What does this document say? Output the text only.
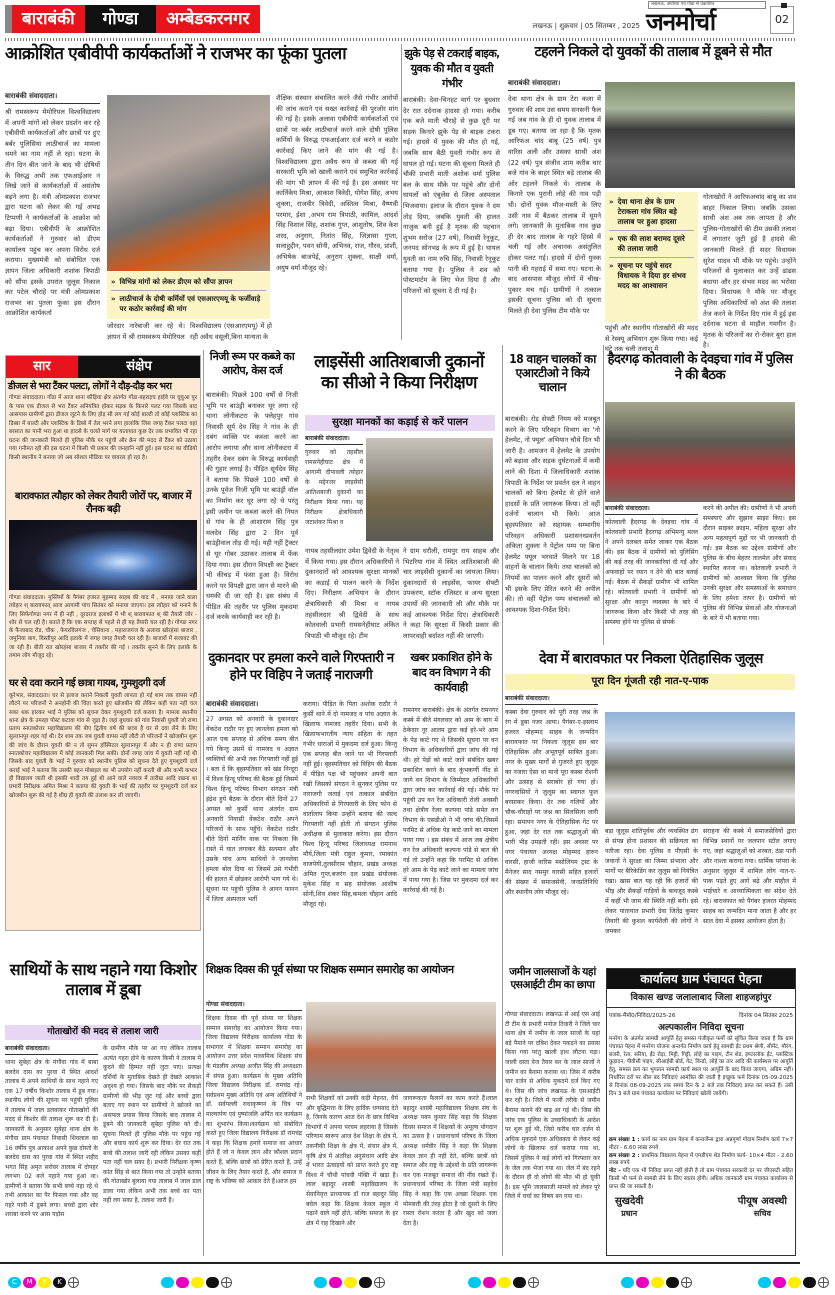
बाराबंकी	गोण्डा	अम्बेडकरनगर	लखनऊ | शुक्रवार | 05 सितम्बर , 2025
लखनऊ, अयोध्या एवं गोंडा से प्रकाशित
जनमोर्चा	02
आक्रोशित एबीवीपी कार्यकर्ताओं ने राजभर का फूंका पुतला
बाराबंकी संवाददाता।
श्री रामस्वरूप मेमोरियल विश्वविद्यालय में अपनी मांगों को लेकर प्रदर्शन कर रहे एबीवीपी कार्यकर्ताओं और छात्रों पर हुए बर्बर पुलिसिया लाठीचार्ज का मामला थमने का नाम नहीं ले रहा। घटना के तीन दिन बीत जाने के बाद भी दोषियों के विरुद्ध अभी तक एफआईआर न लिखे जाने से कार्यकर्ताओं में असंतोष बढ़ने लगा है। मंत्री ओमप्रकाश राजभर द्वारा घटना को लेकर की गई अभद्र टिप्पणी ने कार्यकर्ताओं के आक्रोश को बढ़ा दिया। एबीवीपी के आक्रोशित कार्यकर्ताओं ने गुरुवार को डीएम कार्यालय पहुंच कर अपना विरोध दर्ज कराया। मुख्यमंत्री को संबोधित एक ज्ञापन जिला अधिकारी शशांक त्रिपाठी को सौंपा इसके उपरांत जुलूस निकाल कर पटेल चौराहे पर मंत्री ओमप्रकाश राजभर का पुतला फूंका इस दौरान आक्रोशित कार्यकर्ता
» विभिन्न मांगों को लेकर डीएम को सौंपा ज्ञापन
» लाठीचार्ज के दोषी कर्मियों एवं एसआरएमयू के फर्जीवाड़े पर कठोर कार्रवाई की मांग
जोरदार नारेबाजी कर रहे थे।ज्ञापन में श्री रामस्वरूप मेमोरियल
विश्वविद्यालय (एसआरएमयू) में हो रही अवैध वसूली,बिना मान्यता के
शैक्षिक संस्थान संचालित करने जैसे गंभीर आरोपों की जांच कराने एवं सख्त कार्रवाई की पुरजोर मांग की गई है। इसके अलावा एबीवीपी कार्यकर्ताओं एवं छात्रों पर बर्बर लाठीचार्ज करने वाले दोषी पुलिस कर्मियों के विरुद्ध एफआईआर दर्ज करने व कठोर कार्रवाई किए जाने की मांग की गई है। विश्वविद्यालय द्वारा अवैध रूप से कब्जा की गई सरकारी भूमि को खाली कराने एवं समुचित कार्रवाई की मांग भी ज्ञापन में की गई है। इस अवसर पर कार्तिकेय मिश्रा, आकाश त्रिवेदी, योगेश सिंह, अभय शुक्ला, राजवीर त्रिवेदी, अस्तित्व मिश्रा, वैष्णवी परमार, ईशा ,अभय राम त्रिपाठी, कामिल, आदर्श सिंह विशाल सिंह, शशांक गुप्त, आशुतोष, शिव केश शरद, अनुराग, नितांत सिंह, जिज्ञासा गुप्ता, सलाहुद्दीन, पवन सोनी, अभिनव, राज, गौरव, प्रांशी, अभिषेक बाजपेई, अनुराग शुक्ला, साक्षी वर्मा, अयुष वर्मा मौजूद रहे।
झुके पेड़ से टकराई बाइक, युवक की मौत व युवती गंभीर
बाराबंकी। देवा-चिनहट मार्ग पर बुधवार देर रात दर्दनाक हादसा हो गया। करीब एक बजे माती चौराहे से कुछ दूरी पर सड़क किनारे झुके पेड़ से बाइक टकरा गई। हादसे में युवक की मौत हो गई, जबकि साथ बैठी युवती गंभीर रूप से घायल हो गई। घटना की सूचना मिलते ही चौकी प्रभारी माती अशोक वर्मा पुलिस बल के साथ मौके पर पहुंचे और दोनों घायलों को एंबुलेंस से जिला अस्पताल भिजवाया। इलाज के दौरान युवक ने दम तोड़ दिया, जबकि युवती की हालत नाजुक बनी हुई है मृतक की पहचान शुभम सरोज (27 वर्ष), निवासी रेनूकूट, जनपद सोनभद्र के रूप में हुई है। घायल युवती का नाम रुचि सिंह, निवासी रेनूकूट बताया गया है। पुलिस ने शव को पोस्टमार्टम के लिए भेज दिया है और परिजनों को सूचना दे दी गई है।
टहलने निकले दो युवकों की तालाब में डूबने से मौत
बाराबंकी संवाददाता।
देवा थाना क्षेत्र के ग्राम टेरा कला में गुरुवार की शाम उस समय सनसनी फैल गई जब गांव के ही दो युवक तालाब में डूब गए। बताया जा रहा है कि मृतक आरिफअ चांद बाबू (25 वर्ष) पुत्र वारिस अली और उसका साथी अंश (22 वर्ष) पुत्र संजीव शाम करीब चार बजे गांव के बाहर स्थित बड़े तालाब की ओर टहलने निकले थे। तालाब के किनारे एक पुरानी लोहे की नाव पड़ी थी। दोनों युवक मौज-मस्ती के लिए उसी नाव में बैठकर तालाब में घूमने लगे। जानकारी के मुताबिक नाव कुछ ही देर बाद तालाब के गहरे हिस्से में चली गई और अचानक असंतुलित होकर पलट गई। हादसे में दोनों युवक पानी की गहराई में समा गए। घटना के बाद आसपास मौजूद लोगों में चीख-पुकार मच गई। ग्रामीणों ने तत्काल इसकी सूचना पुलिस को दी सूचना मिलते ही देवा पुलिस टीम मौके पर
» देवा थाना क्षेत्र के ग्राम टेराकला गांव स्थित बड़े तालाब पर हुआ हादसा
» एक की लाश बरामद दूसरे की तलाश जारी
» सूचना पर पहुंचे सदर विधायक ने दिया हर संभव मदद का आश्वासन
पहुंची और स्थानीय गोताखोरों की मदद से रेस्क्यू अभियान शुरू किया गया। कई घंटे तक चली तलाश में
गोताखोरों ने आरिफअचांद बाबू का शव बाहर निकाल लिया। जबकि उसका साथी अंश अब तक लापता है और पुलिस-गोताखोरों की टीम उसकी तलाश में लगातार जुटी हुई है हादसे की जानकारी मिलते ही सदर विधायक सुरेश यादव भी मौके पर पहुंचे। उन्होंने परिजनों से मुलाकात कर उन्हें ढांढस बंधाया और हर संभव मदद का भरोसा दिया। विधायक ने मौके पर मौजूद पुलिस अधिकारियों को अंश की तलाश तेज करने के निर्देश दिए गांव में हुई इस दर्दनाक घटना से माहौल गमगीन है। मृतक के परिजनों का रो-रोकर बुरा हाल है।
सार	संक्षेप
डीजल से भरा टैंकर पलटा, लोगों ने दौड़-दौड़ कर भरा
गोण्डा संवाददाता। गोंडा में आज थाना कौड़िया क्षेत्र अंतर्गत गोंडा-बहराइच हाईवे पर घुघुआ पुर के पास एक डीजल से भरा टैंकर अनियंत्रित होकर सड़क के किनारे पलट गया जिसके बाद आसपास ग्रामीणों द्वारा डीजल लूटने के लिए होड़ सी लग गई कोई बाल्टी तो कोई प्लास्टिक का डिब्बा में बाल्टी और प्लास्टिक के डिब्बे में तेल भरने लगा हालांकि जिस जगह टैंकर पलटा वहां बरसात का पानी भरा हुआ था हादसे के चलते मार्ग पर यातायात कुछ देर तक प्रभावित भी रहा घटना की जानकारी मिलते ही पुलिस मौके पर पहुंची और क्रेन की मदद से टैंकर को उठाया गया गनीमत रही की इस घटना में किसी भी प्रकार की जनहानि नहीं हुई। इस घटना का वीडियो किसी स्थानीय ने बनाया जो अब सोशल मीडिया पर वायरल हो रहा है।
बारावफात त्यौहार को लेकर तैयारी जोरों पर, बाजार में रौनक बढ़ी
गोण्डा संवाददाता। मुस्लिमों के पैगंबर हजरत मुहम्मद साहब की याद में , मनाया जाने वाला त्योहार श् बारावफात् आज आगामी पांच सितंबर को मनाया जाएगा। इस त्योहार को मनाने के लिए सिर्फगोण्डा नगर में ही नहीं , दूरदराज इलाकों में भी श् बारावफात श् की तैयारी जोर - शोर से चल रही है। बताते हैं कि एक सप्ताह से पहले से ही यह तैयारी चल रही है। गोण्डा नगर के फैजाबाद रोड, चौक , फेयरविलगंज , चेसिवाना , महाराजगंज के अलावा खोरहंसा बाजार , जमुनिया बाग, विस्तीपुर आदि इलाके में जगह जगह तैयारी चल रही है। बाजारों में सजावट की जा रही है। बीती रात खोरहंसा बाजार में तकरीर की गई । तकरीर सुनने के लिए इलाके के तमाम लोग मौजूद रहे।
घर से दवा कराने गई छात्रा गायब, गुमशुदगी दर्ज
कूरेभार, संवाददाता। घर से इलाज कराने निकली युवती लापता हो गई शाम तक वापस नहीं लौटने पर परिजनों ने अनहोनी की चिंता करते हुए खोजबीन की लेकिन कहीं पता नहीं चल सका थक हारकर भाई ने पुलिस को सूचना देकर गुमशुदगी दर्ज कराया है। मामला स्थानीय थाना क्षेत्र के उमरहा पोस्ट कटावा गांव से जुड़ा है। जहां बुधवार को गांव निवासी युवती जो राणा प्रताप स्नातकोत्तर महाविद्यालय की बीए द्वितीय वर्ष की छात्रा है घर से दवा लेने के लिए सुल्तानपुर शहर गई थी। देर शाम तक जब युवती वापस नहीं लौटी तो परिजनों ने खोजबीन शुरू की जांच के दौरान युवती की न तो सुमन हॉस्पिटल सुल्तानपुर में और न ही राणा प्रताप स्नातकोत्तर महाविद्यालय में कोई जानकारी मिल सकी। दोनों जगह जांच में युवती नहीं गई थी जिसके बाद युवती के भाई ने गुरुवार को स्थानीय पुलिस को सूचना देते हुए गुमशुदगी दर्ज कराई भाई ने बताया कि उसकी बहन मोबाइल का भी उपयोग नहीं करती थी और कभी कभार ही विद्यालय जाती थी इसकी शादी तय हुई थी आने वाले नवरात्र में तारीख आदि रखना था प्रभारी निरीक्षक अमित मिश्रा ने बताया की युवती के भाई की तहरीर पर गुमशुदगी दर्ज कर खोजबीन शुरू की गई है शीघ्र ही युवती की तलाश कर ली जाएगी।
निजी रूम पर कब्जे का आरोप, केस दर्ज
बाराबंकी। पिछले 100 वर्षों से निजी भूमि पर बाउंड्री बनाकर घूर लगा रहे थाना लोनीकटरा के फ्लेहपुर गांव निवासी सूर्य देव सिंह ने गांव के ही दबंग व्यक्ति पर कब्जा करने का आरोप लगाया और थाना लोनीकटरा में तहरीर देकर दबंग के विरुद्ध कार्यवाही की गुहार लगाई है। पीड़ित सूर्यदेव सिंह ने बताया कि पिछले 100 वर्षों से उनके पूर्वज निजी भूमि पर बाउंड्री वॉल का निर्माण कर घूर लगा रहे थे परंतु इसी जमीन पर कब्जा करने की नियत से गांव के ही आशाराम सिंह पुत्र मलदेव सिंह द्वारा 2 दिन पूर्व बाउंड्रीवाल तोड़ दी गई। यही नहीं ट्रैक्टर से घूर गोबर उठाकर तालाब में फेंक दिया गया। इस दौरान विपक्षी का ट्रैक्टर भी कीचड़ में फंसा हुआ है। विरोध करने पर विपक्षी द्वारा जान से मारने की धमकी दी जा रही है। इस संबंध में पीड़ित की तहरीर पर पुलिस मुकदमा दर्ज करके कार्यवाही कर रही है।
लाइसेंसी आतिशबाजी दुकानों का सीओ ने किया निरीक्षण
सुरक्षा मानकों का कड़ाई से करें पालन
बाराबंकी संवाददाता।
गुरुवार को तहसील रामसनेहीघाट क्षेत्र में आगामी दीपावली त्योहार के मद्देनजर लाइसेंसी आतिशबाजी दुकानों का निरीक्षण किया गया। यह निरीक्षण क्षेत्राधिकारी जटाशंकर मिश्रा व
नायब तहसीलदार उमेश द्विवेदी के नेतृत्व में किया गया। इस दौरान अधिकारियों ने दुकानदारों को आवश्यक सुरक्षा मानकों का कड़ाई से पालन करने के निर्देश दिए। निरीक्षण अभियान के दौरान क्षेत्राधिकारी श्री मिश्रा व नायब तहसीलदार श्री द्विवेदी के साथ कोतवाली प्रभारी रामसनेहीघाट अंकित त्रिपाठी भी मौजूद रहे। टीम
ने ग्राम धरौली, रामपुर राय साहब और भिटरिया गांव में स्थित आतिशबाजी की चार लाइसेंसी दुकानों का जायजा लिया। दुकानदारों से लाइसेंस, फायर सेफ्टी उपकरण, स्टॉक रजिस्टर व अन्य सुरक्षा उपायों की जानकारी ली और मौके पर कई आवश्यक निर्देश दिए। क्षेत्राधिकारी ने कहा कि सुरक्षा में किसी प्रकार की लापरवाही बर्दाश्त नहीं की जाएगी।
18 वाहन चालकों का एआरटीओ ने किये चालान
बाराबंकी। रोड़ सेफ्टी नियम को मजबूत करने के लिए परिवहन विभाग का 'नो हेलमेट, नो फ्यूल' अभियान चौथे दिन भी जारी है। आमजन में हेलमेट के उपयोग को बढ़ावा और सड़क दुर्घटनाओं में कमी लाने की दिशा मे जिलाधिकारी शशांक त्रिपाठी के निर्देश पर प्रवर्तन दल ने वाहन चालकों को बिना हेलमेट से होने वाले हादसों के प्रति जागरूक किया। तो वहीं दर्जनों चालान भी किये। आज बृहस्पतिवार को सहायक सम्भागीय परिवहन अधिकारी प्रशासनध्प्रवर्तन अंकिता शुक्ला ने पेट्रोल पम्प पर बिना हेलमेट फ्यूल भरवाते मिलने पर 18 वाहनों के चालान किये। तथा चालकों को नियमों का पालन करने और दूसरों को भी इसके लिए प्रेरित करने की अपील की। तो वहीं पेट्रोल पम्प संचालकों को आवश्यक दिशा-निर्देश दिये।
हैदरगढ़ कोतवाली के देवइचा गांव में पुलिस ने की बैठक
बाराबंकी संवाददाता।
कोतवाली हैदरगढ़ के देवइचा गांव में कोतवाली प्रभारी हैदरगढ़ अभिमन्यु मल्ल ने अपने दलबल समेत जाकर एक बैठक की। इस बैठक में ग्रामीणों को पुलिसिंग की कई तरह की जानकारियां दी गईं और अफवाहों पर ध्यान न देने की बात बताई गई। बैठक में सैकड़ों ग्रामीण भी शामिल रहे। कोतवाली प्रभारी ने ग्रामीणों को सुरक्षा और कानून व्यवस्था के बारे में जागरूक किया और किसी भी तरह की समस्या होने पर पुलिस से संपर्क
करने की अपील की। ग्रामीणों ने भी अपनी समस्याएं और सुझाव साझा किए। इस दौरान साइबर क्राइम, महिला सुरक्षा और अन्य महत्वपूर्ण मुद्दों पर भी जानकारी दी गई। इस बैठक का उद्देश्य ग्रामीणों और पुलिस के बीच बेहतर तालमेल और संवाद स्थापित करना था। कोतवाली प्रभारी ने ग्रामीणों को आश्वस्त किया कि पुलिस उनकी सुरक्षा और समस्याओं के समाधान के लिए हमेशा तत्पर है। ग्रामीणों को पुलिस की विभिन्न सेवाओं और योजनाओं के बारे में भी बताया गया।
दुकानदार पर हमला करने वाले गिरफ्तारी न होने पर विहिप ने जताई नाराजगी
बाराबंकी संवाददाता।
27 अगस्त को अनवारी के दुकानदार वेंकटेश राठौर पर हुए जानलेवा हमला को आज एक सप्ताह से अधिक समय बीत गये किन्तु उसमें से नामजद व अज्ञात व्यक्तियों की अभी तक गिरफ्तारी नहीं हुई । बता दें कि बृहस्पतिवार को खंड निन्दूरा में विश्व हिन्दू परिषद की बैठक हुई जिसमें विश्व हिन्दू परिषद विभाग संगठन मंत्री इंद्रेश हुये बैठक के दौरान बीते दिनों 27 अगस्त को कुर्सी थाना अंतर्गत ग्राम अनवारी निवासी वेंकटेश राठौर अपने परिजनों के साथ पहुँचे। वेंकटेश राठौर बीते दिनों मार्निंग वाक पर निकला कि रास्ते में घात लगाकर बैठे सलमान और उसके पांच अन्य साथियों ने जानलेवा हमला बोल दिया था जिसमें उसे गंभीरी की हालत में छोड़कर आरोपी भाग गये थे। सूचना पर पहुंची पुलिस ने आनन फानन में जिला अस्पताल भर्ती
कराया। पीड़ित के पिता अशोक राठौर ने कुर्सी थाने में दो नामजद व पांच अज्ञात के खिलाफ नामजद तहरीर दिया। सभी के खिलाफभारतीय न्याय संहिता के तहत गंभीर धाराओं में मुकदमा दर्ज हुआ। किन्तु एक सप्ताह बीत जाने पर भी गिरफ्तारी नहीं हुई। बृहस्पतिवार को विहिप की बैठक में पीड़ित पक्ष भी पहुंचकर अपनी बात रखी जिसको संगठन ने सुनकर पुलिस पर नाराजगी जताई एवं तत्काल संबंधित अधिकारियों से गिरफ्तारी के लिए फोन से वार्तालाप किया उन्होंने बताया की जल्द गिरफ्तारी नहीं होती तो संगठन पुलिस अधीक्षक से मुलाकात करेगा। इस दौरान विश्व हिन्दू परिषद जिलाध्यक्ष रामनाथ मौर्य,जिला मंत्री राहुल कुमार, रमाकांत वाजपेयी,तुलसीराम चौहान, प्रखंड अध्यक्ष अमित गुप्त,बजरंग दल प्रखंड संयोजक मुकेश सिंह व सह संयोजक आशीष सोनी,शिव शंकर सिंह,कमला चौहान आदि मौजूद रहे।
खबर प्रकाशित होने के बाद वन विभाग ने की कार्यवाही
रामनगर बाराबंकी। क्षेत्र के अंतर्गत रामनगर कस्बे में बीते मंगलवार को आम के बाग में ठेकेदार नूर आलम द्वारा कई हरे-भरे आम के पेड़ काटे गए थे जिसकी सूचना पर वन विभाग के अधिकारियों द्वारा जांच की गई थी। हरे पेड़ों को काटे जाने संबंधित खबर प्रकाशित करने के बाद कुंभकर्णी नींद से जागे वन विभाग के जिम्मेदार अधिकारियों द्वारा जांच कर कार्रवाई की गई। मौके पर पहुंची उप वन रेंज अधिकारी रोली अवस्थी तथा क्षेत्रीय रेंजर कल्पना पांडे समेत वन विभाग के एसडीओ ने भी जांच की,जिसमें परमिट से अधिक पेड़ काटे जाने का मामला पाया गया । इस संबंध में आज जब क्षेत्रीय वन रेंज अधिकारी कल्पना पांडे से बात की गई तो उन्होंने कहा कि परमिट से अधिक हरे आम के पेड़ काटे जाने का मामला जांच में पाया गया है। जिस पर मुकदमा दर्ज कर कार्रवाई की गई है।
देवा में बारावफात पर निकला ऐतिहासिक जुलूस
पूरा दिन गूंजती रही नात-ए-पाक
बाराबंकी संवाददाता।
कस्बा देवा गुरुवार को पूरी तरह जश्न के रंग में डूबा नजर आया। पैगंबर-ए-इस्लाम हजरत मोहम्मद साहब के जन्मदिन बारावफात पर निकला जुलूस इस बार ऐतिहासिक और अभूतपूर्व साबित हुआ। नगर के मुख्य मार्गों से गुजरते हुए जुलूस का नजारा ऐसा था मानो पूरा कस्बा रोशनी और उत्साह से सराबोर हो गया हो। नगरवासियों ने जुलूस का स्वागत फूल बरसाकर किया। देर तक गलियों और चौक-चौराहों पर जश्न का सिलसिला जारी रहा। समापन नगर के ऐतिहासिक गेट पर हुआ, जहां देर रात तक श्रद्धालुओं की भारी भीड़ उमड़ती रही। इस अवसर पर नगर पंचायत अध्यक्ष मोहम्मद हारुन वारसी, हाजी वारिस मसोलियम ट्रस्ट के मैनेजर साद नसमुर वारसी सहित हजारों की संख्या में समाजसेवी, जनप्रतिनिधि और स्थानीय लोग मौजूद रहे।
बड़ा जुलूस शांतिपूर्वक और व्यवस्थित ढंग से संपन्न होना प्रशासन की सक्रियता का नतीजा रहा। देवा पुलिस व पीएसी के जवानों ने सुरक्षा का जिम्मा संभाला और मार्गों पर बैरिकेडिंग कर जुलूस को नियंत्रित रखा। खास बात यह रही कि हजारों की भीड़ और सैकड़ों गाड़ियों के बावजूद कस्बे में कहीं भी जाम की स्थिति नहीं बनी। इसे लेकर यातायात प्रभारी देवा जितेंद्र कुमार तिवारी की कुशल कार्यशैली की लोगों ने जमकर
सराहना की कस्बे में समाजसेवियों द्वारा विभिन्न स्थानों पर जलपान स्टॉल लगाए गए, जहां श्रद्धालुओं को शरबत, ठंडा पानी और नाश्ता कराया गया। धार्मिक परंपरा के अनुसार जुलूस में शामिल लोग नात-ए-पाक पढ़ते हुए आगे बढ़े और माहौल में भाईचारे व आध्यात्मिकता का संदेश देते रहे। बारावफात को पैगंबर हजरत मोहम्मद साहब का जन्मदिन माना जाता है और हर साल देवा में इसका आयोजन होता है।
साथियों के साथ नहाने गया किशोर तालाब में डूबा
गोताखोरों की मदद से तलाश जारी
बाराबंकी संवाददाता।
थाना सुबेहा क्षेत्र के मंगौवा गांव में बाबा बलदेव दास का पुरवा में स्थित आदर्श तालाब में अपने साथियों के साथ नहाने गए एक 17 वर्षीय किशोर तालाब में डूब गया। स्थानीय लोगों की सूचना पर पहुंची पुलिस ने तालाब में जाल डलवाकर गोताखोरों की मदद से किशोर की तलाश शुरू कर दी है। जानकारी के अनुसार सुबेहा थाना क्षेत्र के मंगौवा ग्राम पंचायत निवासी शिवलाल का 16 वर्षीय पुत्र आकाश अपने कुछ दोस्तों के बलदेव दास का पुरवा गांव में स्थित शहीद भगत सिंह अमृत सरोवर तालाब में दोपहर लगभग 02 बजे नहाने गया हुआ था। ग्रामीणों ने बताया कि सभी बच्चे नहा रहे थे तभी आकाश का पैर फिसल गया और वह गहरे पानी में डूबने लगा। बच्चों द्वारा शोर शराबा करने पर आस पड़ोस
के ग्रामीण मौके पर आ गए लेकिन तालाब अत्यंत गहरा होने के कारण किसी ने तालाब में कूदने की हिम्मत नहीं जुटा पाए। प्रत्यक्ष दर्शियों के मुताबिक देखते ही देखते आकाश अदृश्य हो गया। जिसके बाद मौके पर सैकड़ों ग्रामीणों की भीड़ जुट गई और बच्चों द्वारा बताए गए स्थान पर ग्रामीणों ने खोजने का असफल प्रयास किया जिसके बाद तालाब में डूबने की जानकारी सुबेहा पुलिस को दी। सूचना मिलते ही पुलिस मौके पर पहुंच गई और बचाव कार्य शुरू कर दिया। देर रात तक बच्चे की तलाश जारी रही लेकिन उसका कहीं पता नहीं चल सका है। प्रभारी निरीक्षक कृष्ण कांत सिंह से बात किया गया तो उन्होंने बताया की गोताखोर बुलाया गया तालाब में जाल डाल डाला गया लेकिन अभी तक बच्चे का पता नहीं लग सका है, तलाश जारी है।
शिक्षक दिवस की पूर्व संध्या पर शिक्षक सम्मान समारोह का आयोजन
गोण्डा संवाददाता।
शिक्षक दिवस की पूर्व संध्या पर शिक्षक सम्मान समारोह का आयोजन किया गया। जिला विद्यालय निरीक्षक कार्यालय गोंडा के सभागार में शिक्षक सम्मान समारोह का आयोजन उत्तर प्रदेश माध्यमिक शिक्षक संघ के मंडलीय अध्यक्ष अजीत सिंह की अध्यक्षता में संपन्न हुआ। कार्यक्रम के मुख्य अतिथि जिला विद्यालय निरीक्षक डॉ. रामचंद्र रहे। सर्वप्रथम मुख्य अतिथि एवं अन्य अतिथियों ने डॉ. सर्वपल्ली राधाकृष्णन के चित्र पर माल्यार्पण एवं पुष्पांजलि अर्पित कर कार्यक्रम का शुभारंभ किया।कार्यक्रम को संबोधित करते हुए जिला विद्यालय निरीक्षक डॉ रामचंद्र ने कहा कि शिक्षक हमारे समाज का आधार होते हैं जो न केवल ज्ञान और कौशल प्रदान करते हैं, बल्कि छात्रों को प्रेरित करते हैं, उन्हें जीवन के लिए तैयार करते हैं, और समाज व राष्ट्र के भविष्य को आकार देते हैं।आज हम
सभी शिक्षकों को उनकी कड़ी मेहनत, धैर्य और बुद्धिमत्ता के लिए हार्दिक धन्यवाद देते हैं, जिनके कारण आज देश के छात्र विभिन्न विभागों में अपना परचम लहराया है जिसके परिणाम स्वरूप आज देश शिक्षा के क्षेत्र में, तकनीकी शिक्षा के क्षेत्र में, संचार क्षेत्र में, कृषि क्षेत्र में अंतरिक्ष अनुसंधान आदि क्षेत्र में भारत ऊंचाइयों को प्राप्त करते हुए राष्ट्र विश्व में चौथी पांचवी पंक्ति में खड़ा है। लाल बहादुर शास्त्री महाविद्यालय के सेवानिवृत्त प्राध्यापक डॉ राज बहादुर सिंह बघेल कहा कि शिक्षक केवल स्कूल में पढ़ाने वाले नहीं होते, बल्कि समाज के हर क्षेत्र में राह दिखाने और
जागरूकता फैलाने का काम करते हैं।लाल बहादुर शास्त्री महाविद्यालय शिक्षक संघ के अध्यक्ष पवन कुमार सिंह कहा कि शिक्षक दिवस समाज में शिक्षकों के अमूल्य योगदान का उत्सव है । प्रधानाचार्य परिषद के जिला अध्यक्ष धर्मवीर सिंह ने कहा कि शिक्षक केवल ज्ञान ही नहीं देते, बल्कि छात्रों को समाज और राष्ट्र के उद्देश्यों के प्रति जागरूक कर एक मजबूत समाज की नींव रखते हैं। प्रधानाचार्य परिषद के जिला मंत्री सहदेव सिंह ने कहा कि एक अच्छा शिक्षक एक मोमबत्ती की तरह होता है जो दूसरों के लिए रास्ता रोशन करता है और खुद को जला देता है।
जमीन जालसाजों के यहां एसआईटी टीम का छापा
गोण्डा संवाददाता। लखनऊ से आई एस आई टी टीम के प्रभारी मनोज तिवारी ने जिले चार थाना क्षेत्र में जमीन के जाल साजों के यहां बड़े पैमाने पर दबिश देकर पकड़ने का प्रयास किया गया परंतु खाली हाथ लौटना पड़ा। जाली दस्ता वेज तैयार कर के जाल साजों ने जमीन का बैनामा कराया था। जिस में करीब चार दर्जन से अधिक मुकदमे दर्ज किए गए थे। जिस की जांच लखनऊ के एसआईटी कर रही है। जिले में फर्जी तरीके से जमीन बैनामा कराने की बाढ़ आ गई थी। जिस की जांच एक पुलिस के उच्चाधिकारी के आदेश पर शुरू हुई थी, जिसे करीब चार दर्जन से अधिक मुकदमे एक अधिवक्ता से लेकर कई लोगों के खिलाफ दर्ज कराया गया था, जिसमें पुलिस ने कई लोगों को गिरफ्तार कर के जेल तक भेजा गया था। जेल में बंद रहने के दौरान ही दो लोगों की मौत भी हो चुकी है। इस भूमि जालसाजी मामले को लेकर पूरे जिले में चर्चा का विषय बन गया था।
कार्यालय ग्राम पंचायत पेहना
विकास खण्ड जलालाबाद जिला शाहजहांपुर
पत्रांक-मैमो0/निविदा/2025-26	दिनांक 04 सितंबर 2025
अल्पकालीन निविदा सूचना
मनरेगा के अंतर्गत सामग्री आपूर्ति हेतु समस्त पंजीकृत फर्मों को सूचित किया जाता है कि ग्राम पंचायत पेहना में मनरेगा योजना अन्तर्गत निर्माण कार्य हेतु सामग्री ईंट प्रथम श्रेणी, सीमेंट, मौरंग, बजरी, रेता, सरिया, ईंट रोड़ा, मिट्टी, गिट्टी, लोहे का पाइप, टीन शेड, इण्टरलॉक ईंट, प्लास्टिक कुड़ादन, पीवीसी पाइप, सीआईबी बोर्ड, गेट, विन्डो, लोहे का तार आदि की कार्यस्थल पर आपूर्ति हेतु, समस्त क्रय का भुगतान सामग्री कार्य स्थल पर आपूर्ति के बाद किया जाएगा, अग्रिम नहीं। निर्धारित दरों पर सील बंद निविदाएं आमंत्रित की जाती है इच्छुक फर्म दिनांक 05-09-2025 से दिनांक 08-09-2025 तक समय दिन के 2 बजे तक निविदाएं प्राप्त कर सकते हैं। उसी दिन 3 बजे ग्राम पंचायत कार्यालय पर निविदाएं खोली जायेंगी।
क्रम संख्या 1 : कार्य का नाम ग्राम पेहना में कन्वर्जेन्स द्वारा अन्नपूर्णा गोदाम निर्माण कार्य 7×7 मीटर - 6.60 लाख रुपये
क्रम संख्या 2 : प्राथमिक विद्यालय पेहना में एमडीएम शेड निर्माण कार्य- 10×4 मीटर - 2.60 लाख रुपये
नोट - यदि एक भी निविदा प्राप्त नहीं होती है तो ग्राम पंचायत सरकारी दर पर जीएसटी सहित किसी भी फर्म से सामग्री लेने के लिए स्वतंत्र होगी। अधिक जानकारी ग्राम पंचायत कार्यालय से प्राप्त की जा सकती है।
सुखदेवी
प्रधान
पीयूष अवस्थी
सचिव
C M Y K
